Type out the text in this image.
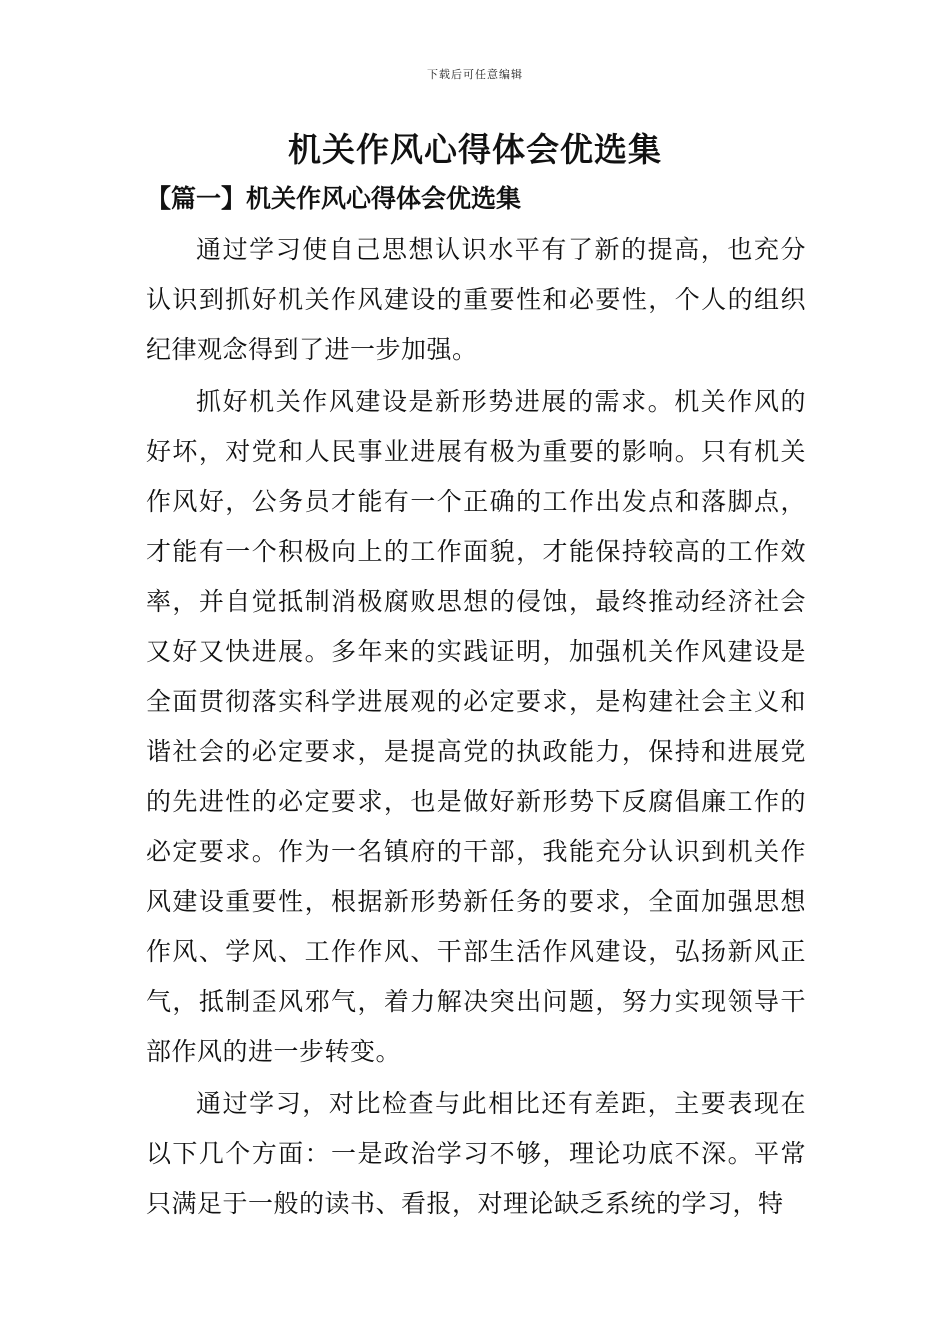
下载后可任意编辑
机关作风心得体会优选集
【篇一】机关作风心得体会优选集

通过学习使自己思想认识水平有了新的提高，也充分认识到抓好机关作风建设的重要性和必要性，个人的组织纪律观念得到了进一步加强。

抓好机关作风建设是新形势进展的需求。机关作风的好坏，对党和人民事业进展有极为重要的影响。只有机关作风好，公务员才能有一个正确的工作出发点和落脚点，才能有一个积极向上的工作面貌，才能保持较高的工作效率，并自觉抵制消极腐败思想的侵蚀，最终推动经济社会又好又快进展。多年来的实践证明，加强机关作风建设是全面贯彻落实科学进展观的必定要求，是构建社会主义和谐社会的必定要求，是提高党的执政能力，保持和进展党的先进性的必定要求，也是做好新形势下反腐倡廉工作的必定要求。作为一名镇府的干部，我能充分认识到机关作风建设重要性，根据新形势新任务的要求，全面加强思想作风、学风、工作作风、干部生活作风建设，弘扬新风正气，抵制歪风邪气，着力解决突出问题，努力实现领导干部作风的进一步转变。

通过学习，对比检查与此相比还有差距，主要表现在以下几个方面：一是政治学习不够，理论功底不深。平常只满足于一般的读书、看报，对理论缺乏系统的学习，特
